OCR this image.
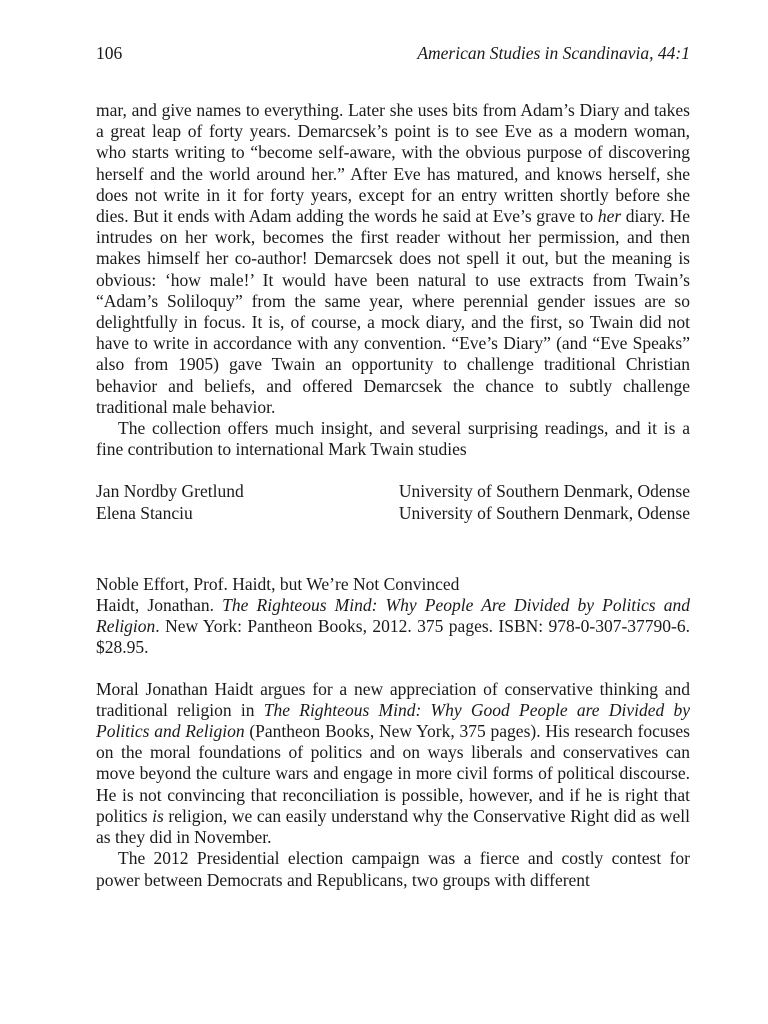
106	American Studies in Scandinavia, 44:1

mar, and give names to everything. Later she uses bits from Adam’s Diary and takes a great leap of forty years. Demarcsek’s point is to see Eve as a modern woman, who starts writing to “become self-aware, with the obvious purpose of discovering herself and the world around her.” After Eve has matured, and knows herself, she does not write in it for forty years, except for an entry written shortly before she dies. But it ends with Adam adding the words he said at Eve’s grave to her diary. He intrudes on her work, becomes the first reader without her permission, and then makes himself her co-author! Demarcsek does not spell it out, but the meaning is obvious: ‘how male!’ It would have been natural to use extracts from Twain’s “Adam’s Soliloquy” from the same year, where perennial gender issues are so delightfully in focus. It is, of course, a mock diary, and the first, so Twain did not have to write in accordance with any convention. “Eve’s Diary” (and “Eve Speaks” also from 1905) gave Twain an opportunity to challenge traditional Christian behavior and beliefs, and offered Demarcsek the chance to subtly challenge traditional male behavior.

The collection offers much insight, and several surprising readings, and it is a fine contribution to international Mark Twain studies

Jan Nordby Gretlund	University of Southern Denmark, Odense
Elena Stanciu	University of Southern Denmark, Odense

Noble Effort, Prof. Haidt, but We’re Not Convinced

Haidt, Jonathan. The Righteous Mind: Why People Are Divided by Politics and Religion. New York: Pantheon Books, 2012. 375 pages. ISBN: 978-0-307-37790-6. $28.95.

Moral Jonathan Haidt argues for a new appreciation of conservative thinking and traditional religion in The Righteous Mind: Why Good People are Divided by Politics and Religion (Pantheon Books, New York, 375 pages). His research focuses on the moral foundations of politics and on ways liberals and conservatives can move beyond the culture wars and engage in more civil forms of political discourse. He is not convincing that reconciliation is possible, however, and if he is right that politics is religion, we can easily understand why the Conservative Right did as well as they did in November.

The 2012 Presidential election campaign was a fierce and costly contest for power between Democrats and Republicans, two groups with different
